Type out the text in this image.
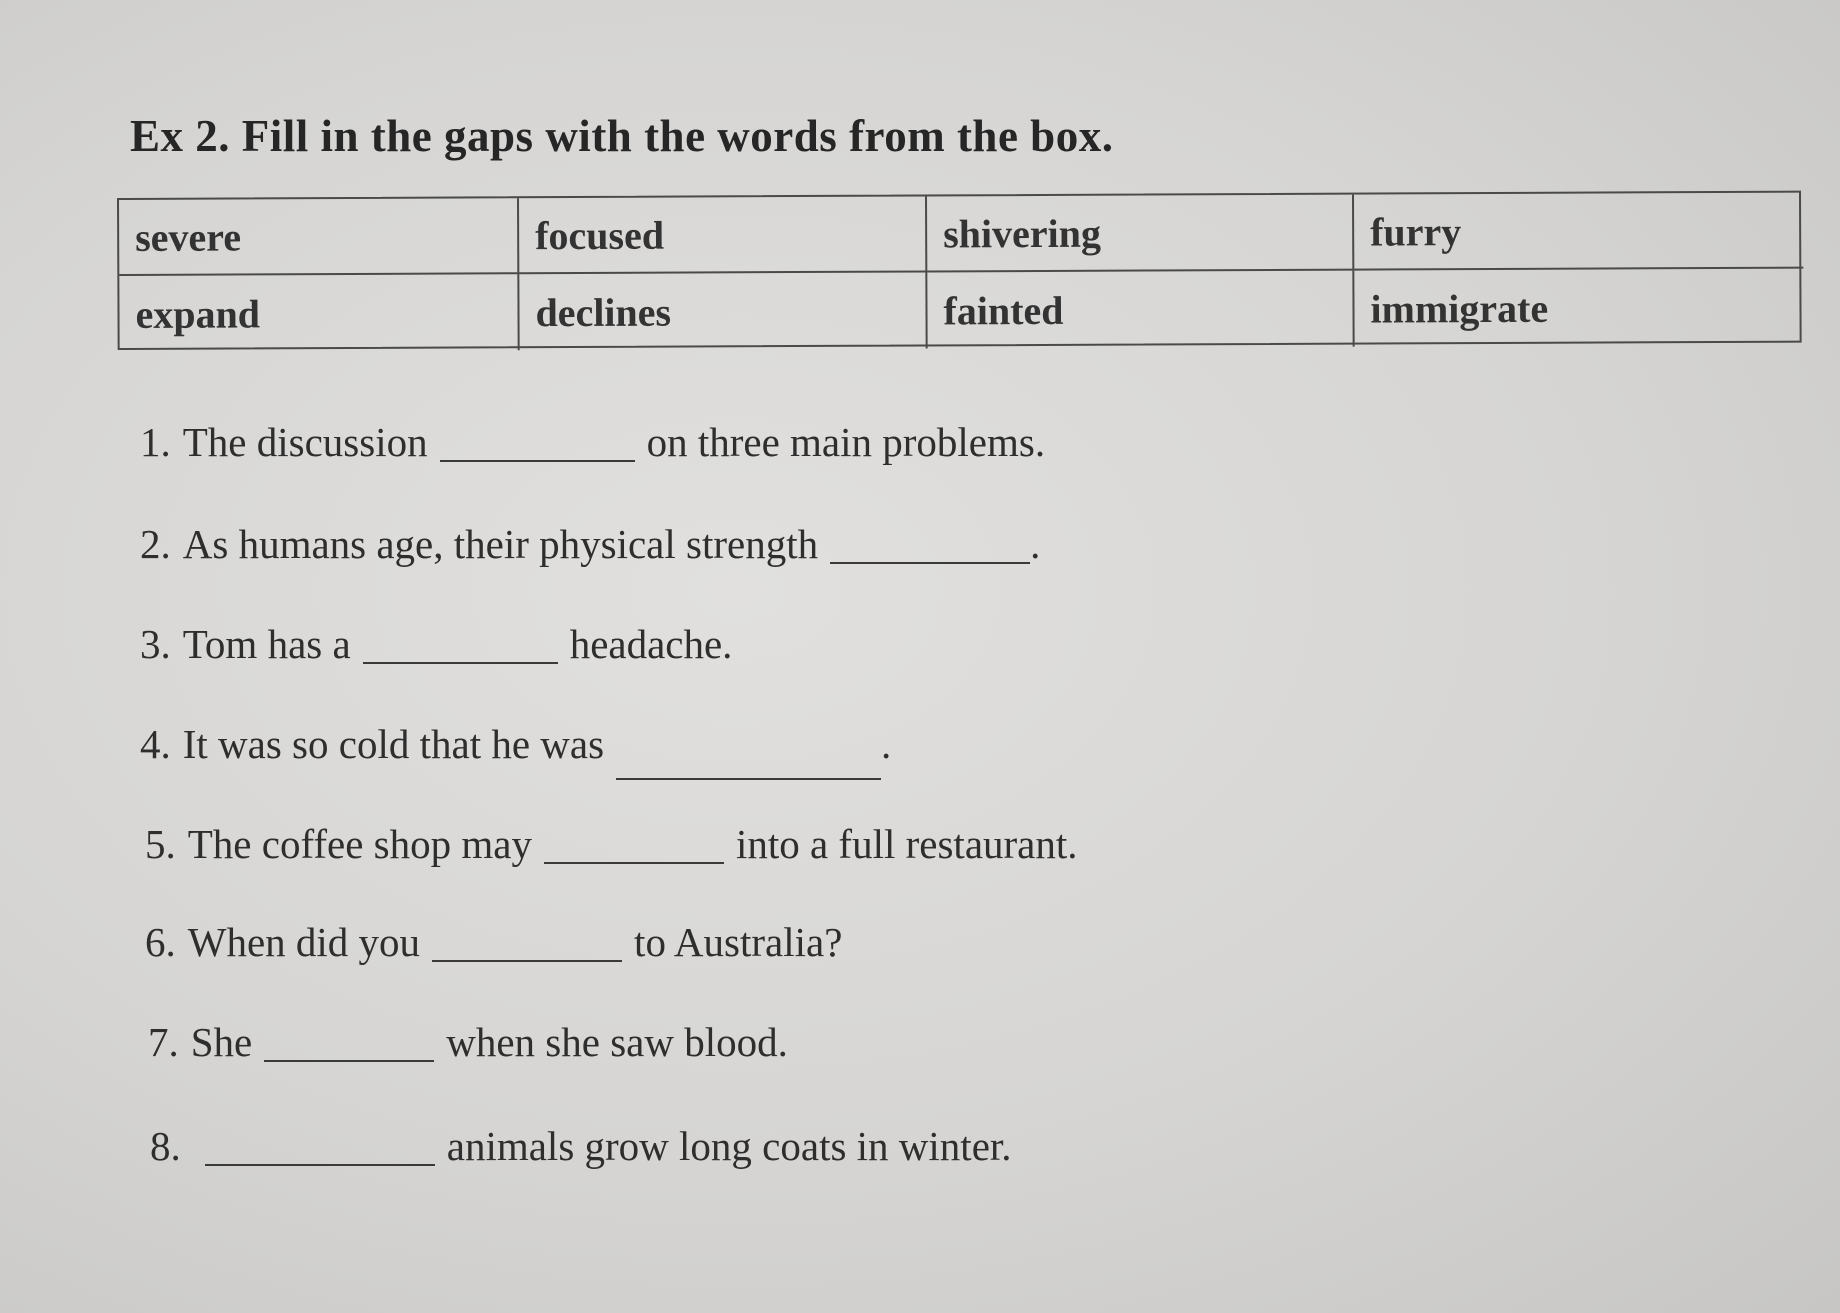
Ex 2. Fill in the gaps with the words from the box.
severe	focused	shivering	furry
expand	declines	fainted	immigrate
1. The discussion	on three main problems.
2. As humans age, their physical strength	.
3. Tom has a	headache.
4. It was so cold that he was	.
5. The coffee shop may	into a full restaurant.
6. When did you	to Australia?
7. She	when she saw blood.
8.	animals grow long coats in winter.
